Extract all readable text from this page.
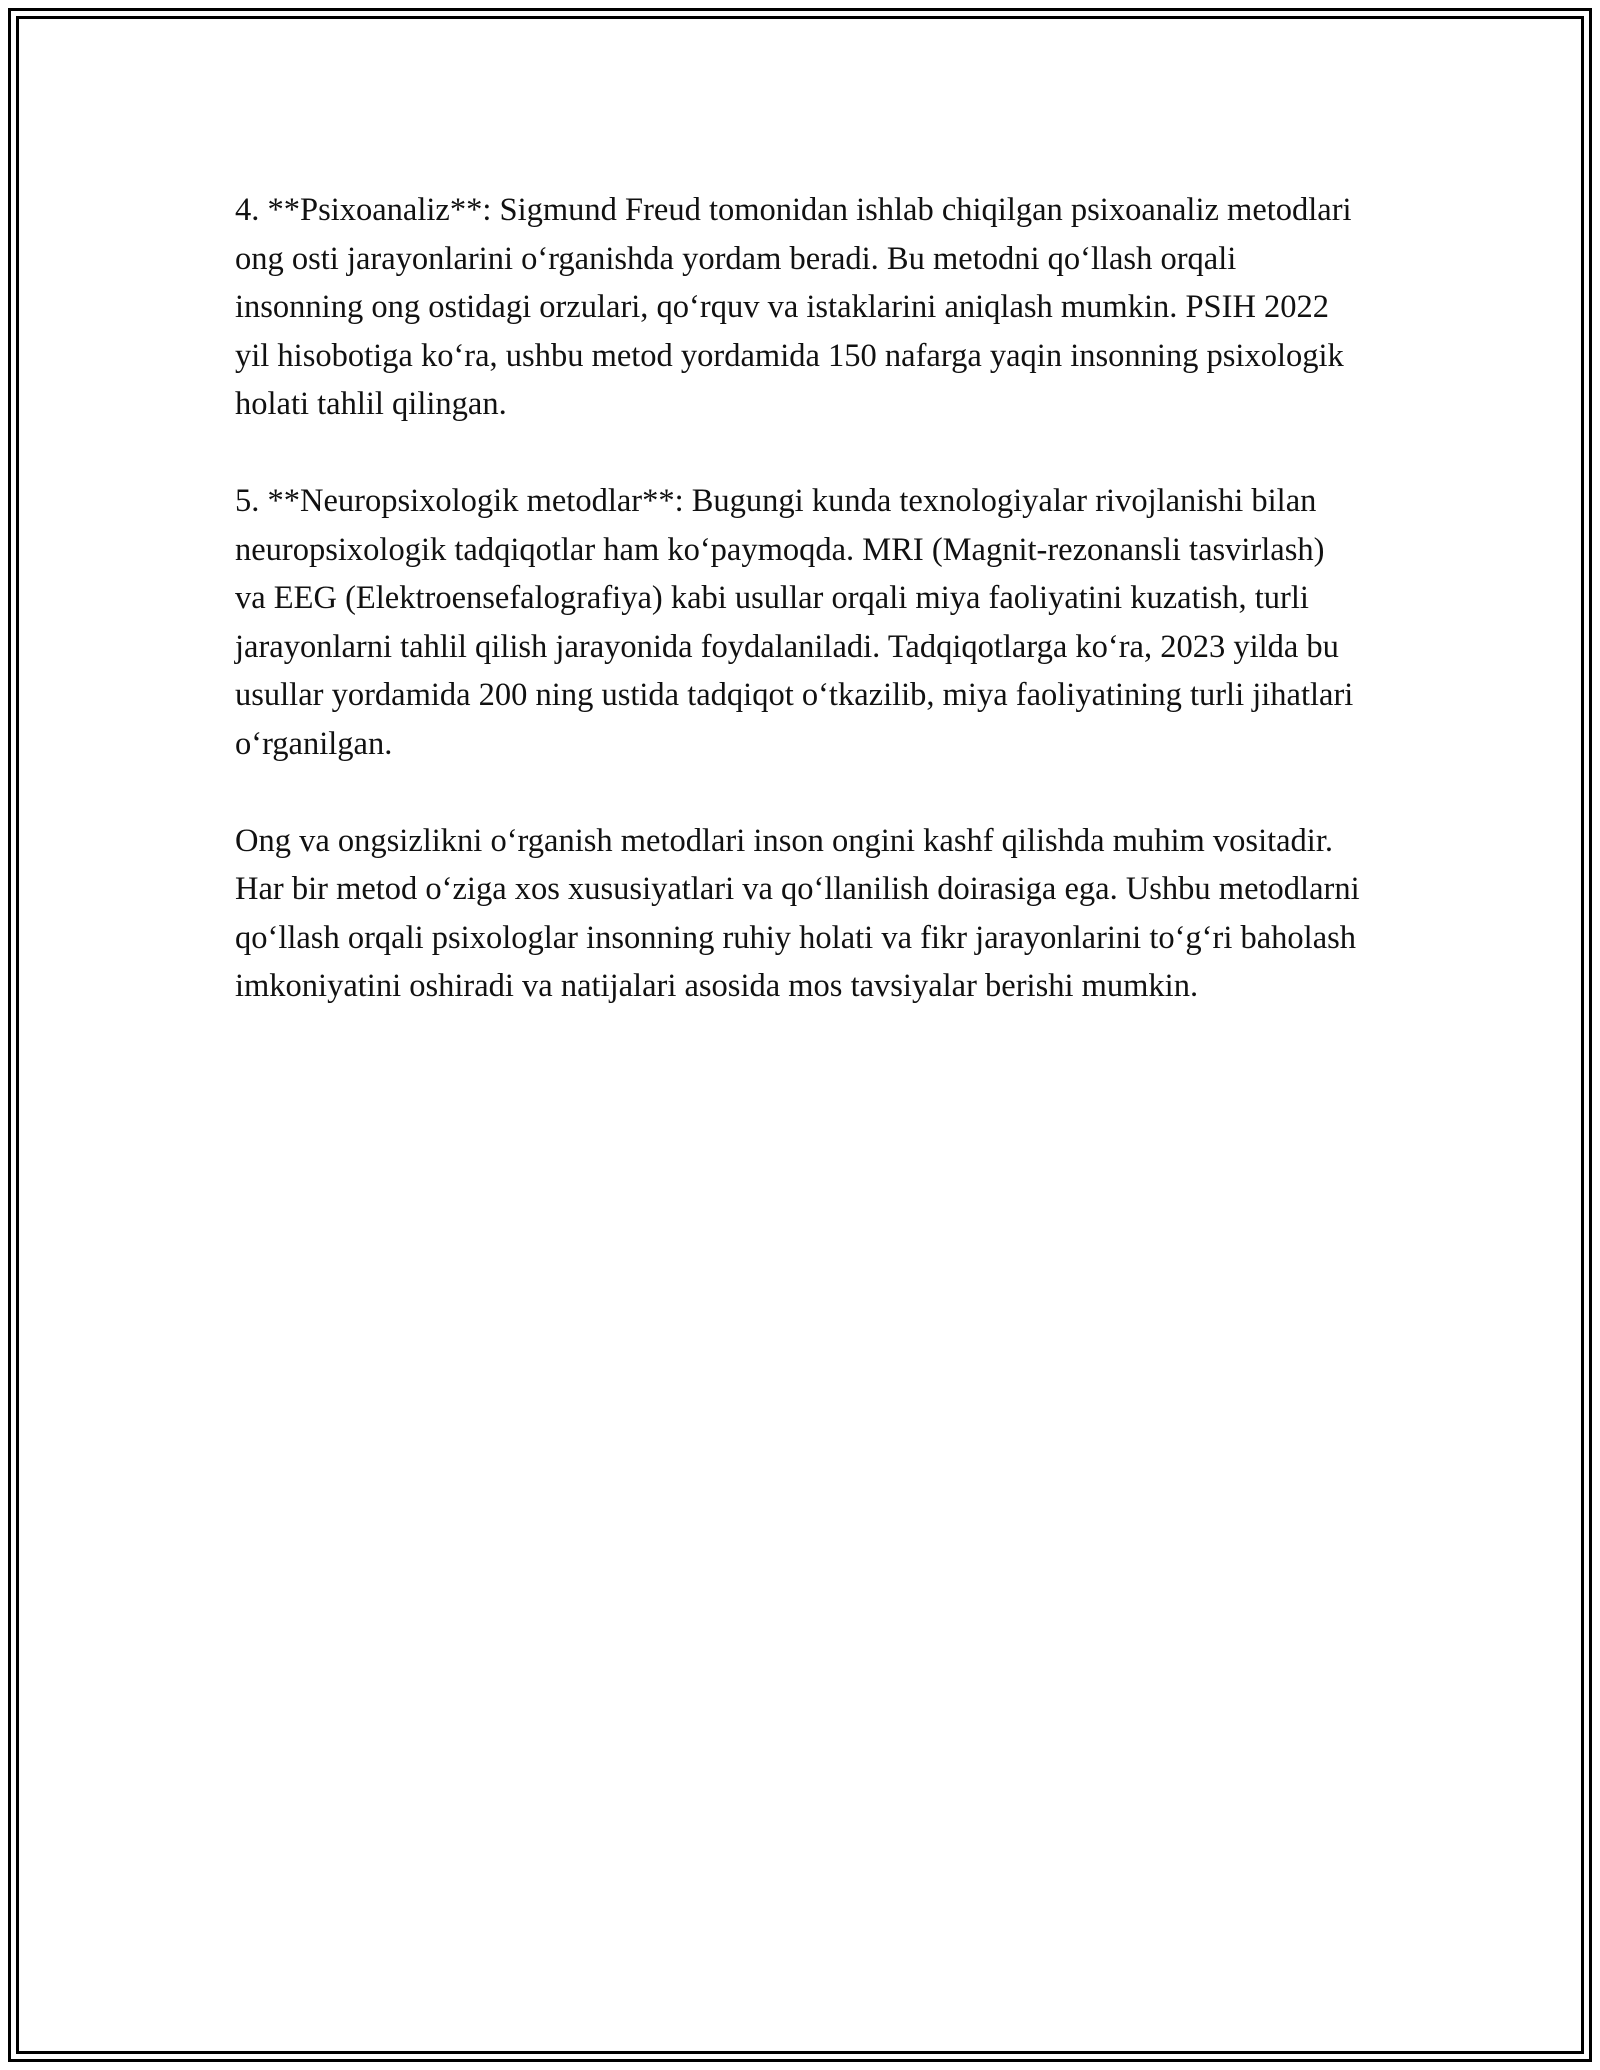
4. **Psixoanaliz**: Sigmund Freud tomonidan ishlab chiqilgan psixoanaliz metodlari ong osti jarayonlarini o‘rganishda yordam beradi. Bu metodni qo‘llash orqali insonning ong ostidagi orzulari, qo‘rquv va istaklarini aniqlash mumkin. PSIH 2022 yil hisobotiga ko‘ra, ushbu metod yordamida 150 nafarga yaqin insonning psixologik holati tahlil qilingan.

5. **Neuropsixologik metodlar**: Bugungi kunda texnologiyalar rivojlanishi bilan neuropsixologik tadqiqotlar ham ko‘paymoqda. MRI (Magnit-rezonansli tasvirlash) va EEG (Elektroensefalografiya) kabi usullar orqali miya faoliyatini kuzatish, turli jarayonlarni tahlil qilish jarayonida foydalaniladi. Tadqiqotlarga ko‘ra, 2023 yilda bu usullar yordamida 200 ning ustida tadqiqot o‘tkazilib, miya faoliyatining turli jihatlari o‘rganilgan.

Ong va ongsizlikni o‘rganish metodlari inson ongini kashf qilishda muhim vositadir. Har bir metod o‘ziga xos xususiyatlari va qo‘llanilish doirasiga ega. Ushbu metodlarni qo‘llash orqali psixologlar insonning ruhiy holati va fikr jarayonlarini to‘g‘ri baholash imkoniyatini oshiradi va natijalari asosida mos tavsiyalar berishi mumkin.
